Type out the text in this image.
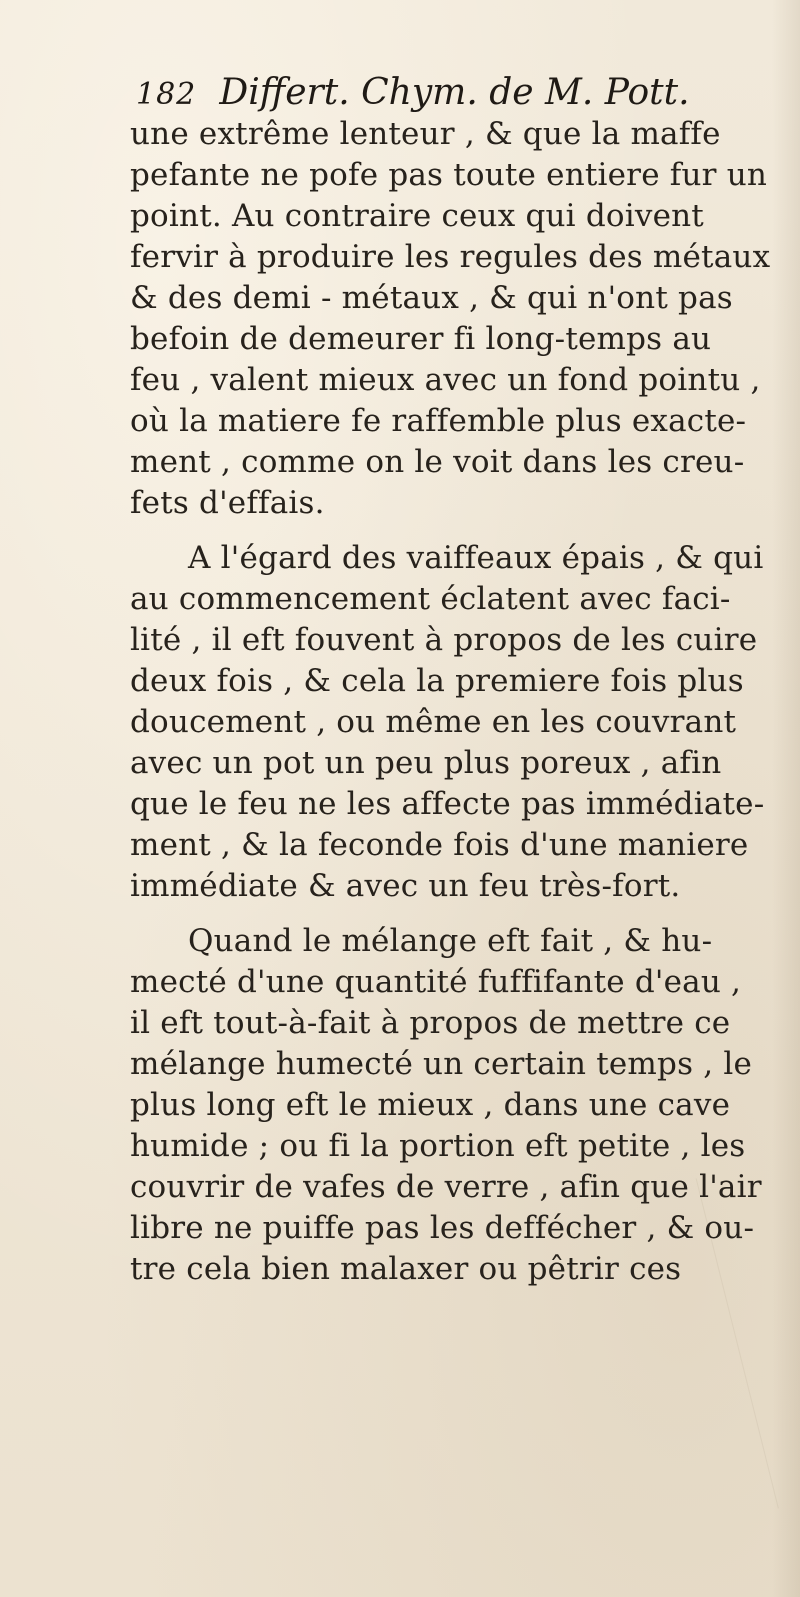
182 Differt. Chym. de M. Pott.
une extrême lenteur , & que la maffe
pefante ne pofe pas toute entiere fur un
point. Au contraire ceux qui doivent
fervir à produire les regules des métaux
& des demi - métaux , & qui n'ont pas
befoin de demeurer fi long-temps au
feu , valent mieux avec un fond pointu ,
où la matiere fe raffemble plus exacte-
ment , comme on le voit dans les creu-
fets d'effais.
A l'égard des vaiffeaux épais , & qui
au commencement éclatent avec faci-
lité , il eft fouvent à propos de les cuire
deux fois , & cela la premiere fois plus
doucement , ou même en les couvrant
avec un pot un peu plus poreux , afin
que le feu ne les affecte pas immédiate-
ment , & la feconde fois d'une maniere
immédiate & avec un feu très-fort.
Quand le mélange eft fait , & hu-
mecté d'une quantité fuffifante d'eau ,
il eft tout-à-fait à propos de mettre ce
mélange humecté un certain temps , le
plus long eft le mieux , dans une cave
humide ; ou fi la portion eft petite , les
couvrir de vafes de verre , afin que l'air
libre ne puiffe pas les deffécher , & ou-
tre cela bien malaxer ou pêtrir ces
